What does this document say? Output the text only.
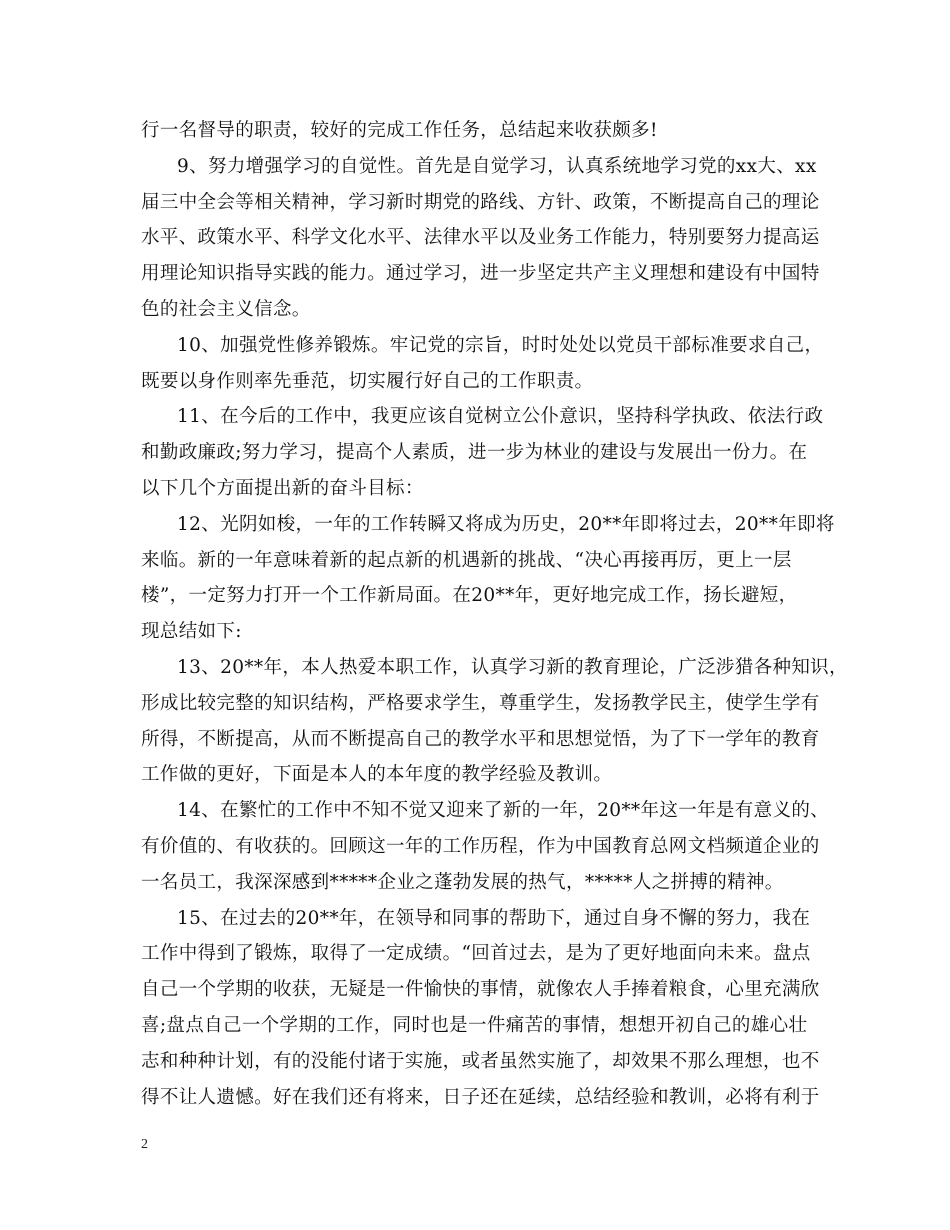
行一名督导的职责，较好的完成工作任务，总结起来收获颇多!
9、努力增强学习的自觉性。首先是自觉学习，认真系统地学习党的xx大、xx
届三中全会等相关精神，学习新时期党的路线、方针、政策，不断提高自己的理论
水平、政策水平、科学文化水平、法律水平以及业务工作能力，特别要努力提高运
用理论知识指导实践的能力。通过学习，进一步坚定共产主义理想和建设有中国特
色的社会主义信念。
10、加强党性修养锻炼。牢记党的宗旨，时时处处以党员干部标准要求自己，
既要以身作则率先垂范，切实履行好自己的工作职责。
11、在今后的工作中，我更应该自觉树立公仆意识，坚持科学执政、依法行政
和勤政廉政;努力学习，提高个人素质，进一步为林业的建设与发展出一份力。在
以下几个方面提出新的奋斗目标：
12、光阴如梭，一年的工作转瞬又将成为历史，20**年即将过去，20**年即将
来临。新的一年意味着新的起点新的机遇新的挑战、“决心再接再厉，更上一层
楼”，一定努力打开一个工作新局面。在20**年，更好地完成工作，扬长避短，
现总结如下:
13、20**年，本人热爱本职工作，认真学习新的教育理论，广泛涉猎各种知识，
形成比较完整的知识结构，严格要求学生，尊重学生，发扬教学民主，使学生学有
所得，不断提高，从而不断提高自己的教学水平和思想觉悟，为了下一学年的教育
工作做的更好，下面是本人的本年度的教学经验及教训。
14、在繁忙的工作中不知不觉又迎来了新的一年，20**年这一年是有意义的、
有价值的、有收获的。回顾这一年的工作历程，作为中国教育总网文档频道企业的
一名员工，我深深感到*****企业之蓬勃发展的热气，*****人之拼搏的精神。
15、在过去的20**年，在领导和同事的帮助下，通过自身不懈的努力，我在
工作中得到了锻炼，取得了一定成绩。“回首过去，是为了更好地面向未来。盘点
自己一个学期的收获，无疑是一件愉快的事情，就像农人手捧着粮食，心里充满欣
喜;盘点自己一个学期的工作，同时也是一件痛苦的事情，想想开初自己的雄心壮
志和种种计划，有的没能付诸于实施，或者虽然实施了，却效果不那么理想，也不
得不让人遗憾。好在我们还有将来，日子还在延续，总结经验和教训，必将有利于
2
